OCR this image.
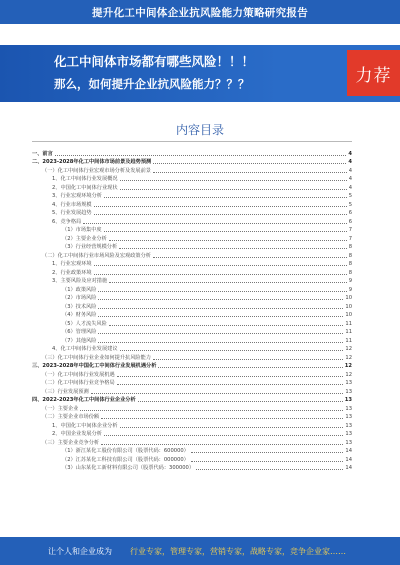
提升化工中间体企业抗风险能力策略研究报告
化工中间体市场都有哪些风险！！！
那么，如何提升企业抗风险能力？？？	力荐
内容目录
一、前言	4
二、2023-2028年化工中间体市场前景及趋势预测	4
（一）化工中间体行业宏观市场分析及发展前景	4
1、化工中间体行业发展概况	4
2、中国化工中间体行业现状	4
3、行业宏观环境分析	5
4、行业市场规模	5
5、行业发展趋势	6
6、竞争格局	6
（1）市场集中度	7
（2）主要企业分析	7
（3）行业经营规模分析	8
（二）化工中间体行业市场风险及宏观政策分析	8
1、行业宏观环境	8
2、行业政策环境	8
3、主要风险及应对措施	9
（1）政策风险	9
（2）市场风险	10
（3）技术风险	10
（4）财务风险	10
（5）人才流失风险	11
（6）管理风险	11
（7）其他风险	11
4、化工中间体行业发展建议	12
（三）化工中间体行业企业如何提升抗风险能力	12
三、2023-2028年中国化工中间体行业发展机遇分析	12
（一）化工中间体行业发展机遇	12
（二）化工中间体行业竞争格局	13
（三）行业发展预测	13
四、2022-2023年化工中间体行业企业分析	13
（一）主要企业	13
（二）主要企业市场份额	13
1、中国化工中间体企业分析	13
2、中国企业发展分析	13
（三）主要企业竞争分析	13
（1）浙江某化工股份有限公司（股票代码：600000）	14
（2）江苏某化工科技有限公司（股票代码：000000）	14
（3）山东某化工新材料有限公司（股票代码：300000）	14
让个人和企业成为 行业专家，管理专家，营销专家，战略专家，竞争企业家……
